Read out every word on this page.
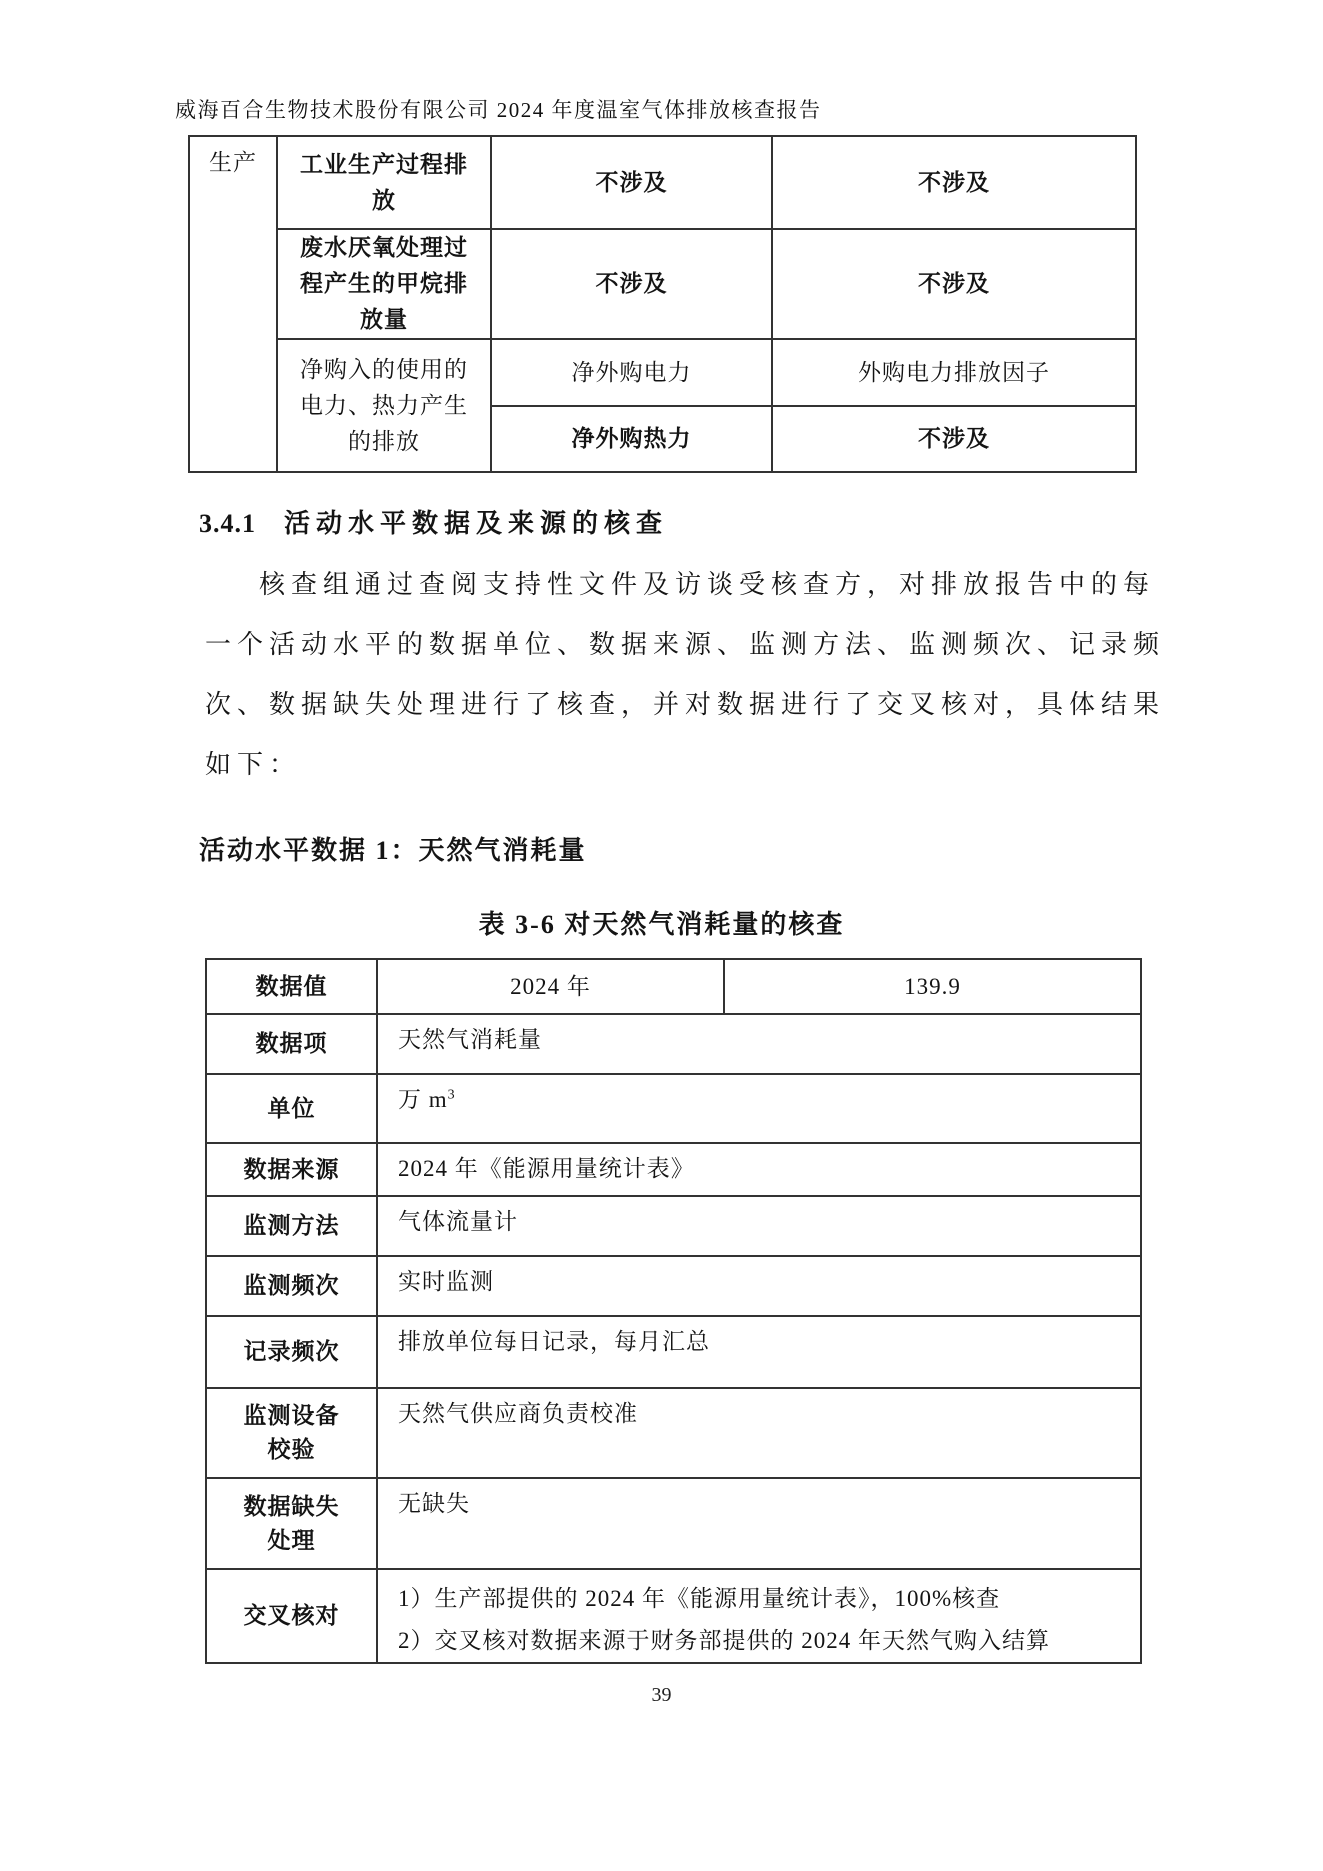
威海百合生物技术股份有限公司 2024 年度温室气体排放核查报告
生产	工业生产过程排放	不涉及	不涉及
	废水厌氧处理过程产生的甲烷排放量	不涉及	不涉及
	净购入的使用的电力、热力产生的排放	净外购电力	外购电力排放因子
		净外购热力	不涉及
3.4.1 活动水平数据及来源的核查
核查组通过查阅支持性文件及访谈受核查方，对排放报告中的每
一个活动水平的数据单位、数据来源、监测方法、监测频次、记录频
次、数据缺失处理进行了核查，并对数据进行了交叉核对，具体结果
如下：
活动水平数据 1：天然气消耗量
表 3-6 对天然气消耗量的核查
数据值	2024 年	139.9
数据项	天然气消耗量	
单位	万 $m^3$
数据来源	2024 年《能源用量统计表》	
监测方法	气体流量计	
监测频次	实时监测	
记录频次	排放单位每日记录，每月汇总	
监测设备校验	天然气供应商负责校准	
数据缺失处理	无缺失	
交叉核对	1）生产部提供的 2024 年《能源用量统计表》，100%核查
2）交叉核对数据来源于财务部提供的 2024 年天然气购入结算	
39
